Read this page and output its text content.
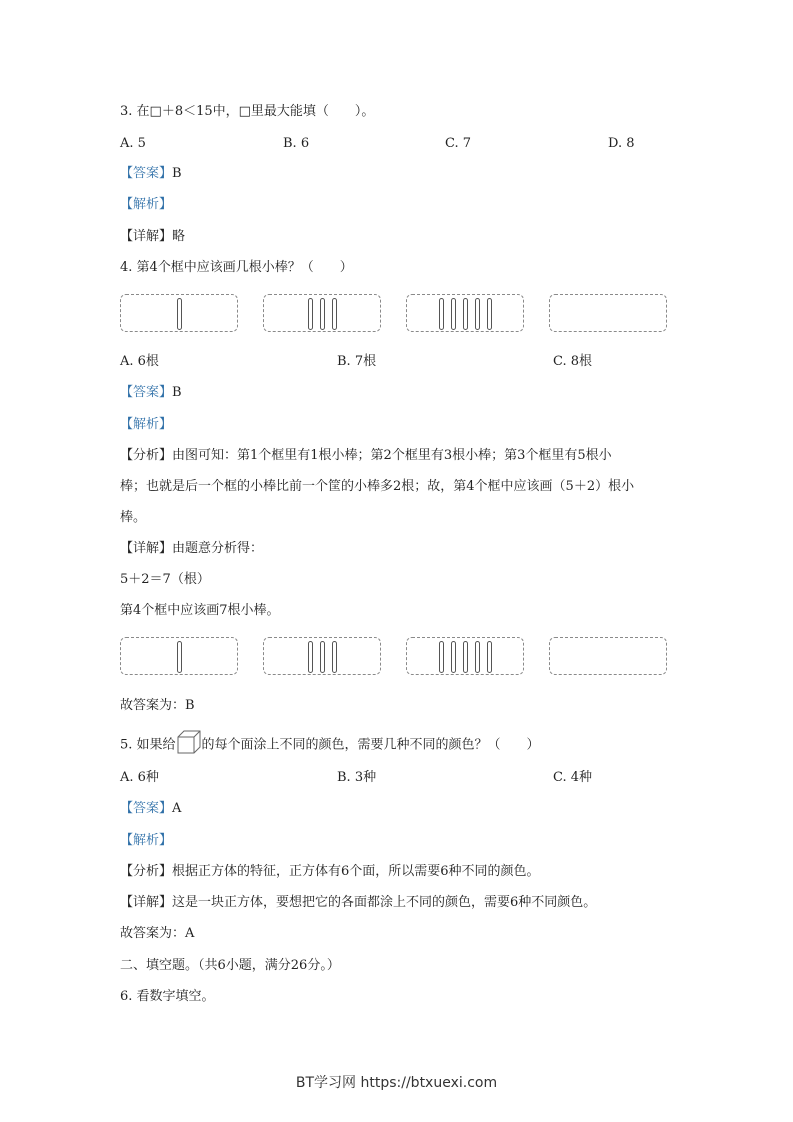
3. 在□＋8＜15中，□里最大能填（　　）。
A. 5	B. 6	C. 7	D. 8
【答案】B
【解析】
【详解】略
4. 第4个框中应该画几根小棒？（　　）
A. 6根	B. 7根	C. 8根
【答案】B
【解析】
【分析】由图可知：第1个框里有1根小棒；第2个框里有3根小棒；第3个框里有5根小
棒；也就是后一个框的小棒比前一个筐的小棒多2根；故，第4个框中应该画（5＋2）根小
棒。
【详解】由题意分析得：
5＋2＝7（根）
第4个框中应该画7根小棒。
故答案为：B
5. 如果给 的每个面涂上不同的颜色，需要几种不同的颜色？（　　）
A. 6种	B. 3种	C. 4种
【答案】A
【解析】
【分析】根据正方体的特征，正方体有6个面，所以需要6种不同的颜色。
【详解】这是一块正方体，要想把它的各面都涂上不同的颜色，需要6种不同颜色。
故答案为：A
二、填空题。（共6小题，满分26分。）
6. 看数字填空。
BT学习网 https://btxuexi.com
